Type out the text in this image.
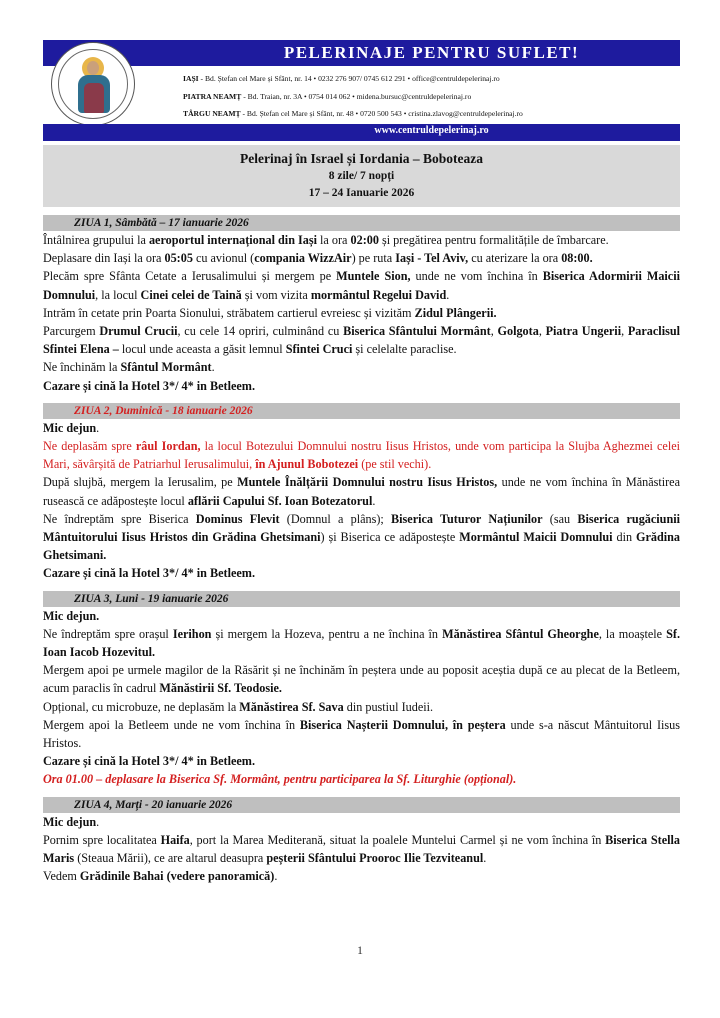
PELERINAJE PENTRU SUFLET!
IAȘI - Bd. Ștefan cel Mare și Sfânt, nr. 14 • 0232 276 907/ 0745 612 291 • office@centruldepelerinaj.ro
PIATRA NEAMȚ - Bd. Traian, nr. 3A • 0754 014 062 • midena.bursuc@centruldepelerinaj.ro
TÂRGU NEAMȚ - Bd. Ștefan cel Mare și Sfânt, nr. 48 • 0720 500 543 • cristina.zlavog@centruldepelerinaj.ro
www.centruldepelerinaj.ro
Pelerinaj în Israel și Iordania – Boboteaza
8 zile/ 7 nopți
17 – 24 Ianuarie 2026
ZIUA 1, Sâmbătă – 17 ianuarie 2026

Întâlnirea grupului la aeroportul internațional din Iași la ora 02:00 și pregătirea pentru formalitățile de îmbarcare.

Deplasare din Iași la ora 05:05 cu avionul (compania WizzAir) pe ruta Iași - Tel Aviv, cu aterizare la ora 08:00.

Plecăm spre Sfânta Cetate a Ierusalimului și mergem pe Muntele Sion, unde ne vom închina în Biserica Adormirii Maicii Domnului, la locul Cinei celei de Taină și vom vizita mormântul Regelui David.

Intrăm în cetate prin Poarta Sionului, străbatem cartierul evreiesc și vizităm Zidul Plângerii.

Parcurgem Drumul Crucii, cu cele 14 opriri, culminând cu Biserica Sfântului Mormânt, Golgota, Piatra Ungerii, Paraclisul Sfintei Elena – locul unde aceasta a găsit lemnul Sfintei Cruci și celelalte paraclise.

Ne închinăm la Sfântul Mormânt.

Cazare și cină la Hotel 3*/ 4* in Betleem.

ZIUA 2, Duminică - 18 ianuarie 2026

Mic dejun.

Ne deplasăm spre râul Iordan, la locul Botezului Domnului nostru Iisus Hristos, unde vom participa la Slujba Aghezmei celei Mari, săvârșită de Patriarhul Ierusalimului, în Ajunul Bobotezei (pe stil vechi).

După slujbă, mergem la Ierusalim, pe Muntele Înălțării Domnului nostru Iisus Hristos, unde ne vom închina în Mănăstirea rusească ce adăpostește locul aflării Capului Sf. Ioan Botezatorul.

Ne îndreptăm spre Biserica Dominus Flevit (Domnul a plâns); Biserica Tuturor Națiunilor (sau Biserica rugăciunii Mântuitorului Iisus Hristos din Grădina Ghetsimani) și Biserica ce adăpostește Mormântul Maicii Domnului din Grădina Ghetsimani.

Cazare și cină la Hotel 3*/ 4* in Betleem.

ZIUA 3, Luni - 19 ianuarie 2026

Mic dejun.

Ne îndreptăm spre orașul Ierihon și mergem la Hozeva, pentru a ne închina în Mănăstirea Sfântul Gheorghe, la moaștele Sf. Ioan Iacob Hozevitul.

Mergem apoi pe urmele magilor de la Răsărit și ne închinăm în peștera unde au poposit aceștia după ce au plecat de la Betleem, acum paraclis în cadrul Mănăstirii Sf. Teodosie.

Opțional, cu microbuze, ne deplasăm la Mănăstirea Sf. Sava din pustiul Iudeii.

Mergem apoi la Betleem unde ne vom închina în Biserica Nașterii Domnului, în peștera unde s-a născut Mântuitorul Iisus Hristos.

Cazare și cină la Hotel 3*/ 4* in Betleem.

Ora 01.00 – deplasare la Biserica Sf. Mormânt, pentru participarea la Sf. Liturghie (opțional).

ZIUA 4, Marți - 20 ianuarie 2026

Mic dejun.

Pornim spre localitatea Haifa, port la Marea Mediterană, situat la poalele Muntelui Carmel și ne vom închina în Biserica Stella Maris (Steaua Mării), ce are altarul deasupra peșterii Sfântului Prooroc Ilie Tezviteanul.

Vedem Grădinile Bahai (vedere panoramică).

1
